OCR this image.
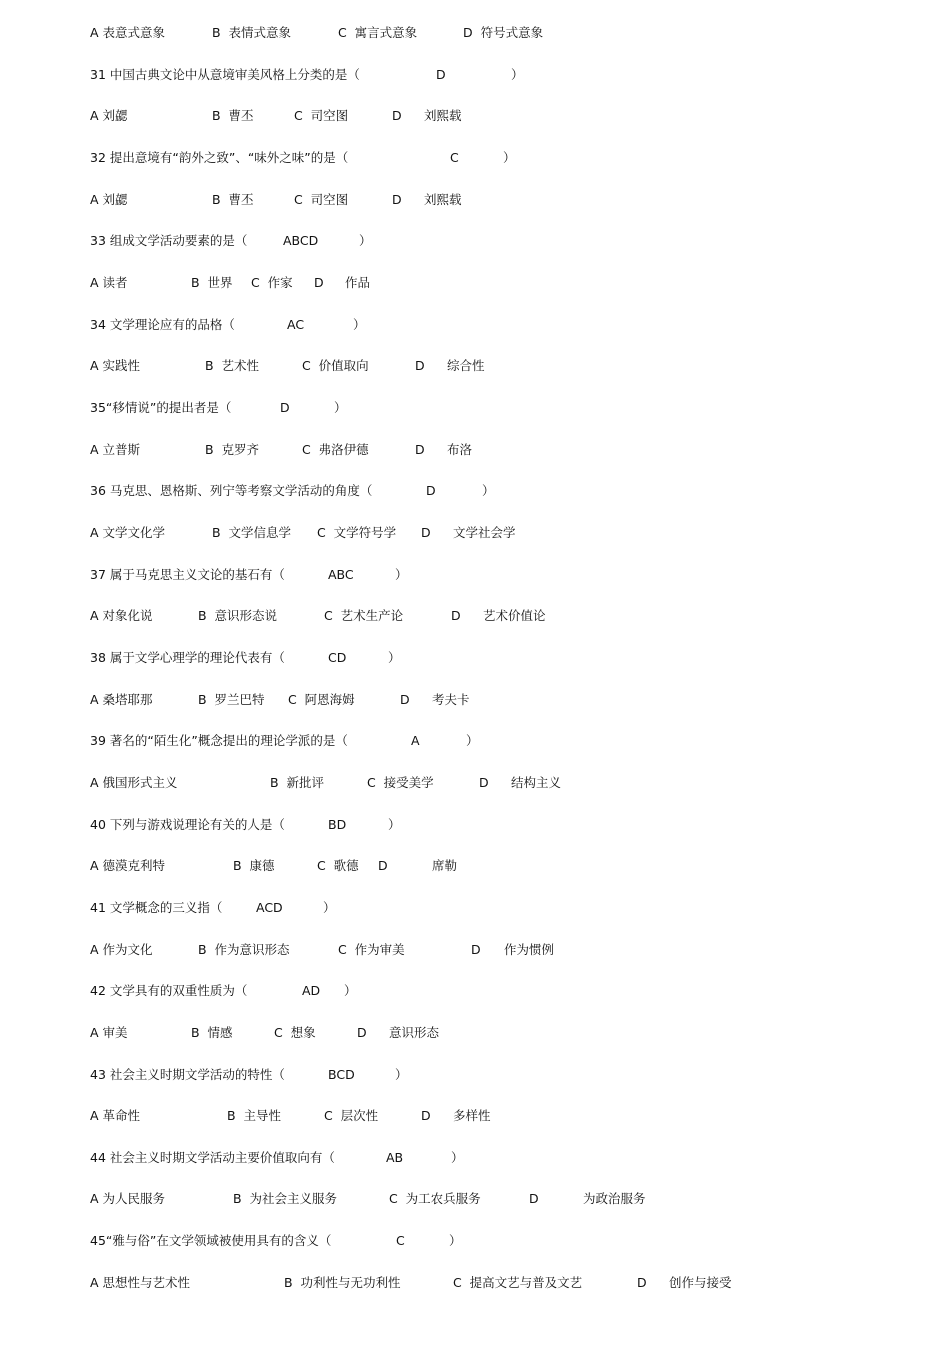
A 表意式意象	B  表情式意象	C  寓言式意象	D  符号式意象
31 中国古典文论中从意境审美风格上分类的是（	D	）
A 刘勰	B  曹丕	C  司空图	D 刘熙载
32 提出意境有“韵外之致”、“味外之味”的是（	C	）
A 刘勰	B  曹丕	C  司空图	D 刘熙载
33 组成文学活动要素的是（	ABCD	）
A 读者	B  世界 C  作家 D 作品
34 文学理论应有的品格（	AC	）
A 实践性	B  艺术性	C  价值取向	D 综合性
35“移情说”的提出者是（	D	）
A 立普斯	B  克罗齐	C  弗洛伊德	D 布洛
36 马克思、恩格斯、列宁等考察文学活动的角度（	D	）
A 文学文化学	B  文学信息学 C  文学符号学 D 文学社会学
37 属于马克思主义文论的基石有（	ABC	）
A 对象化说	B  意识形态说	C  艺术生产论	D 艺术价值论
38 属于文学心理学的理论代表有（	CD	）
A 桑塔耶那	B  罗兰巴特 C  阿恩海姆	D 考夫卡
39 著名的“陌生化”概念提出的理论学派的是（	A	）
A 俄国形式主义	B  新批评	C  接受美学	D 结构主义
40 下列与游戏说理论有关的人是（	BD	）
A 德漠克利特	B  康德	C  歌德 D	席勒
41 文学概念的三义指（	ACD	）
A 作为文化	B  作为意识形态	C  作为审美	D 作为惯例
42 文学具有的双重性质为（	AD ）
A 审美	B  情感	C  想象	D 意识形态
43 社会主义时期文学活动的特性（	BCD	）
A 革命性	B  主导性	C  层次性	D 多样性
44 社会主义时期文学活动主要价值取向有（	AB	）
A 为人民服务	B  为社会主义服务	C  为工农兵服务	D	为政治服务
45“雅与俗”在文学领域被使用具有的含义（	C	）
A 思想性与艺术性	B  功利性与无功利性	C  提高文艺与普及文艺	D 创作与接受
